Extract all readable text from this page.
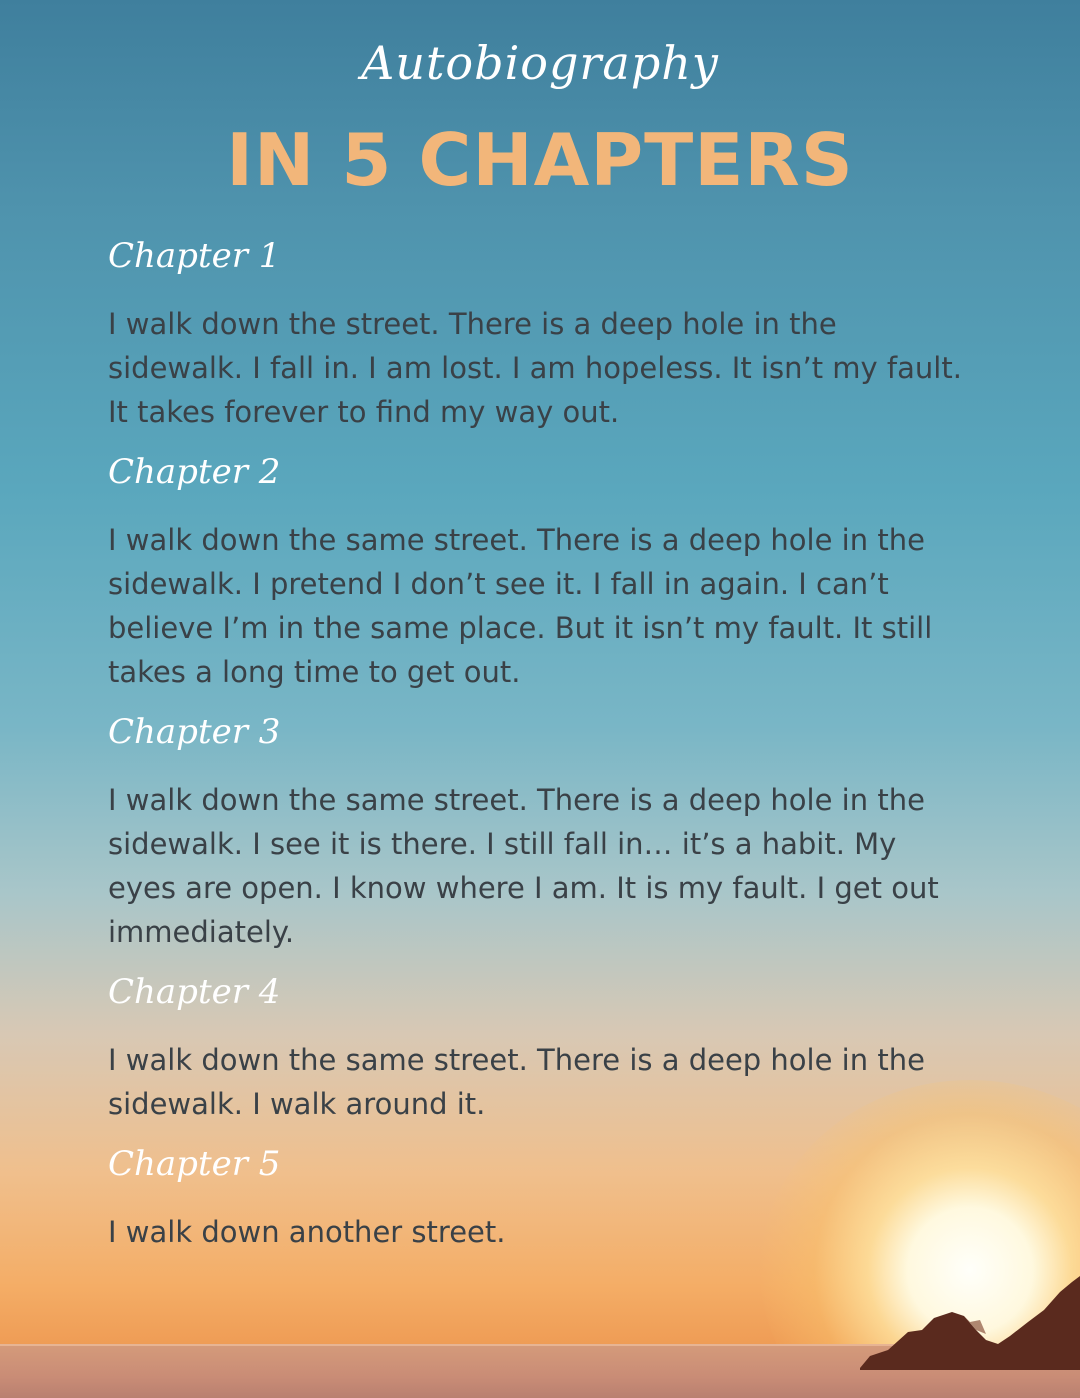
Autobiography
IN 5 CHAPTERS
Chapter 1
I walk down the street. There is a deep hole in the sidewalk. I fall in. I am lost. I am hopeless. It isn’t my fault. It takes forever to find my way out.
Chapter 2
I walk down the same street. There is a deep hole in the sidewalk. I pretend I don’t see it. I fall in again. I can’t believe I’m in the same place. But it isn’t my fault. It still takes a long time to get out.
Chapter 3
I walk down the same street. There is a deep hole in the sidewalk. I see it is there. I still fall in… it’s a habit. My eyes are open. I know where I am. It is my fault. I get out immediately.
Chapter 4
I walk down the same street. There is a deep hole in the sidewalk. I walk around it.
Chapter 5
I walk down another street.
